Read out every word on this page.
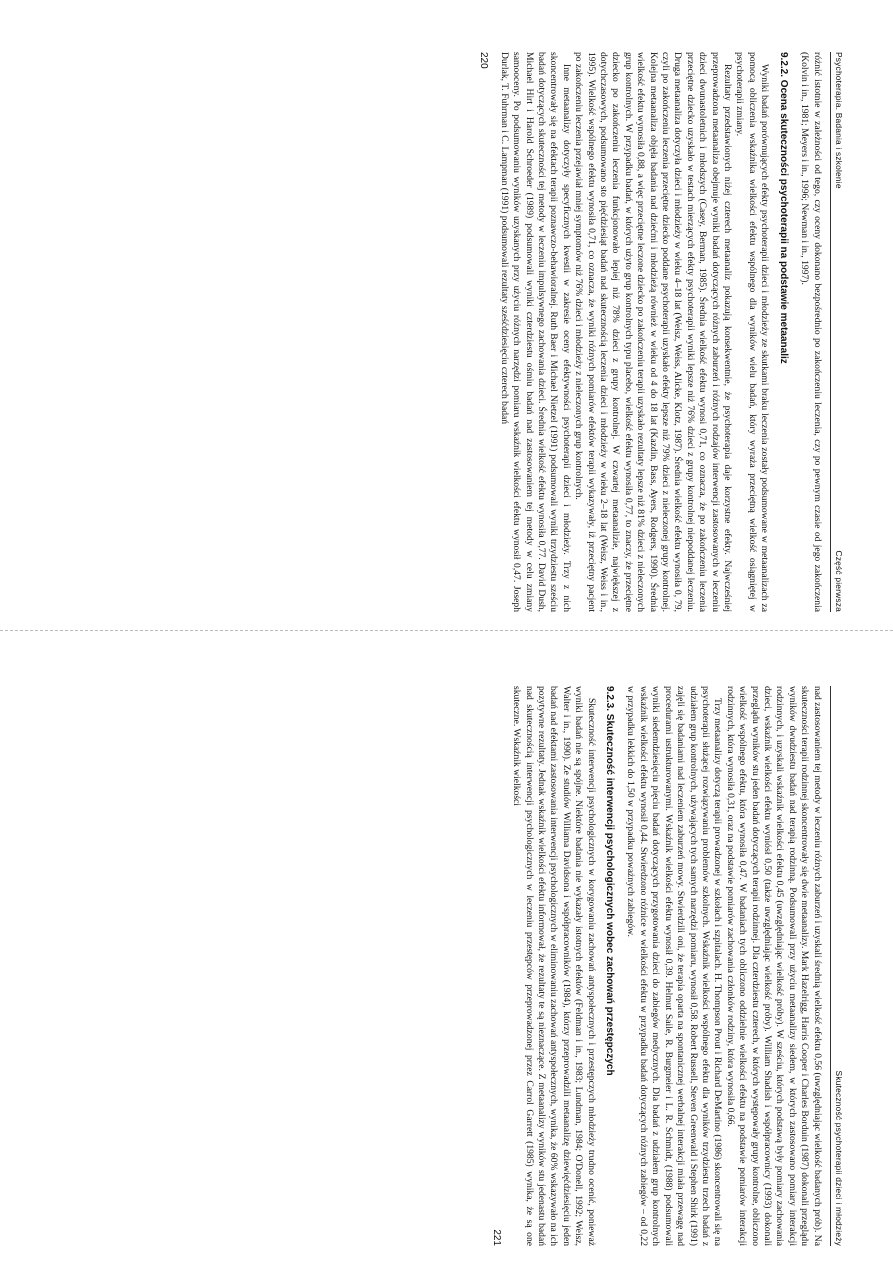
Psychoterapia. Badania i szkolenie
Część pierwsza

różnić istotnie w zależności od tego, czy oceny dokonano bezpośrednio po zakończeniu leczenia, czy po pewnym czasie od jego zakończenia (Kolvin i in., 1981; Meyers i in., 1996; Newman i in., 1997).

9.2.2. Ocena skuteczności psychoterapii na podstawie metaanaliz

Wyniki badań porównujących efekty psychoterapii dzieci i młodzieży ze skutkami braku leczenia zostały podsumowane w metaanalizach za pomocą obliczenia wskaźnika wielkości efektu wspólnego dla wyników wielu badań, który wyraża przeciętną wielkość osiągniętej w psychoterapii zmiany.

Rezultaty przedstawionych niżej czterech metaanaliz pokazują konsekwentnie, że psychoterapia daje korzystne efekty. Najwcześniej przeprowadzona metaanaliza obejmuje wyniki badań dotyczących różnych zaburzeń i różnych rodzajów interwencji zastosowanych w leczeniu dzieci dwunastoletnich i młodszych (Casey, Berman, 1985). Średnia wielkość efektu wynosi 0,71, co oznacza, że po zakończeniu leczenia przeciętne dziecko uzyskało w testach mierzących efekty psychoterapii wyniki lepsze niż 76% dzieci z grupy kontrolnej niepoddanej leczeniu. Druga metaanaliza dotyczyła dzieci i młodzieży w wieku 4–18 lat (Weisz, Weiss, Alicke, Klotz, 1987). Średnia wielkość efektu wynosiła 0, 79, czyli po zakończeniu leczenia przeciętne dziecko poddane psychoterapii uzyskało efekty lepsze niż 79% dzieci z nieleczonej grupy kontrolnej. Kolejna metaanaliza objęła badania nad dziećmi i młodzieżą również w wieku od 4 do 18 lat (Kazdin, Bass, Ayers, Rodgers, 1990). Średnia wielkość efektu wynosiła 0,88, a więc przeciętne leczone dziecko po zakończeniu terapii uzyskało rezultaty lepsze niż 81% dzieci z nieleczonych grup kontrolnych. W przypadku badań, w których użyto grup kontrolnych typu placebo, wielkość efektu wynosiła 0,77, to znaczy, że przeciętne dziecko po zakończeniu leczenia funkcjonowało lepiej niż 78% dzieci z grupy kontrolnej. W czwartej metaanalizie, największej z dotychczasowych, podsumowano sto pięćdziesiąt badań nad skutecznością leczenia dzieci i młodzieży w wieku 2–18 lat (Weisz, Weiss i in., 1995). Wielkość wspólnego efektu wynosiła 0,71, co oznacza, że wyniki różnych pomiarów efektów terapii wykazywały, iż przeciętny pacjent po zakończeniu leczenia przejawiał mniej symptomów niż 76% dzieci i młodzieży z nieleczonych grup kontrolnych.

Inne metaanalizy dotyczyły specyficznych kwestii w zakresie oceny efektywności psychoterapii dzieci i młodzieży. Trzy z nich skoncentrowały się na efektach terapii poznawczo-behawioralnej. Ruth Baer i Michael Nietzel (1991) podsumowali wyniki trzydziestu sześciu badań dotyczących skuteczności tej metody w leczeniu impulsywnego zachowania dzieci. Średnia wielkość efektu wynosiła 0,77. David Dush, Michael Hirt i Harold Schroeder (1989) podsumowali wyniki czterdziestu ośmiu badań nad zastosowaniem tej metody w celu zmiany samooceny. Po podsumowaniu wyników uzyskanych przy użyciu różnych narzędzi pomiaru wskaźnik wielkości efektu wynosił 0,47. Joseph Durlak, T. Fuhrman i C. Lampman (1991) podsumowali rezultaty sześćdziesięciu czterech badań

220
Skuteczność psychoterapii dzieci i młodzieży

nad zastosowaniem tej metody w leczeniu różnych zaburzeń i uzyskali średnią wielkość efektu 0,56 (uwzględniając wielkość badanych prób). Na skuteczności terapii rodzinnej skoncentrowały się dwie metaanalizy. Mark Hazelrigg, Harris Cooper i Charles Borduin (1987) dokonali przeglądu wyników dwudziestu badań nad terapią rodzinną. Podsumowali przy użyciu metaanalizy siedem, w których zastosowano pomiary interakcji rodzinnych, i uzyskali wskaźnik wielkości efektu 0,45 (uwzględniając wielkość próby). W sześciu, których podstawą były pomiary zachowania dzieci, wskaźnik wielkości efektu wyniósł 0,50 (także uwzględniając wielkość próby). William Shadish i współpracownicy (1993) dokonali przeglądu wyników stu jeden badań dotyczących terapii rodzinnej. Dla czterdziestu czterech, w których występowały grupy kontrolne, obliczono wielkość wspólnego efektu, która wynosiła 0,47. W badaniach tych obliczono oddzielnie wielkości efektu na podstawie pomiarów interakcji rodzinnych, która wynosiła 0,31, oraz na podstawie pomiarów zachowania członków rodziny, która wynosiła 0,66.

Trzy metaanalizy dotyczą terapii prowadzonej w szkołach i szpitalach. H. Thompson Prout i Richard DeMartino (1986) skoncentrowali się na psychoterapii służącej rozwiązywaniu problemów szkolnych. Wskaźnik wielkości wspólnego efektu dla wyników trzydziestu trzech badań z udziałem grup kontrolnych, używających tych samych narzędzi pomiaru, wynosił 0,58. Robert Russell, Steven Greenwald i Stephen Shirk (1991) zajęli się badaniami nad leczeniem zaburzeń mowy. Stwierdzili oni, że terapia oparta na spontanicznej werbalnej interakcji miała przewagę nad procedurami ustrukturowanymi. Wskaźnik wielkości efektu wynosił 0,39. Helmut Saile, R. Burgmeier i L. R. Schmidt, (1988) podsumowali wyniki siedemdziesięciu pięciu badań dotyczących przygotowania dzieci do zabiegów medycznych. Dla badań z udziałem grup kontrolnych wskaźnik wielkości efektu wynosił 0,44. Stwierdzono różnice w wielkości efektu w przypadku badań dotyczących różnych zabiegów – od 0,22 w przypadku lekkich do 1,50 w przypadku poważnych zabiegów.

9.2.3. Skuteczność interwencji psychologicznych wobec zachowań przestępczych

Skuteczność interwencji psychologicznych w korygowaniu zachowań antyspołecznych i przestępczych młodzieży trudno ocenić, ponieważ wyniki badań nie są spójne. Niektóre badania nie wykazały istotnych efektów (Feldman i in., 1983; Lundman, 1984; O'Donell, 1992; Weisz, Walter i in., 1990). Ze studiów Williama Davidsona i współpracowników (1984), którzy przeprowadzili metaanalizę dziewięćdziesięciu jeden badań nad efektami zastosowania interwencji psychologicznych w eliminowaniu zachowań antyspołecznych, wynika, że 60% wskazywało na ich pozytywne rezultaty. Jednak wskaźnik wielkości efektu informował, że rezultaty te są nieznaczące. Z metaanalizy wyników stu jedenastu badań nad skutecznością interwencji psychologicznych w leczeniu przestępców przeprowadzonej przez Carrol Garrett (1985) wynika, że są one skuteczne. Wskaźnik wielkości

221
